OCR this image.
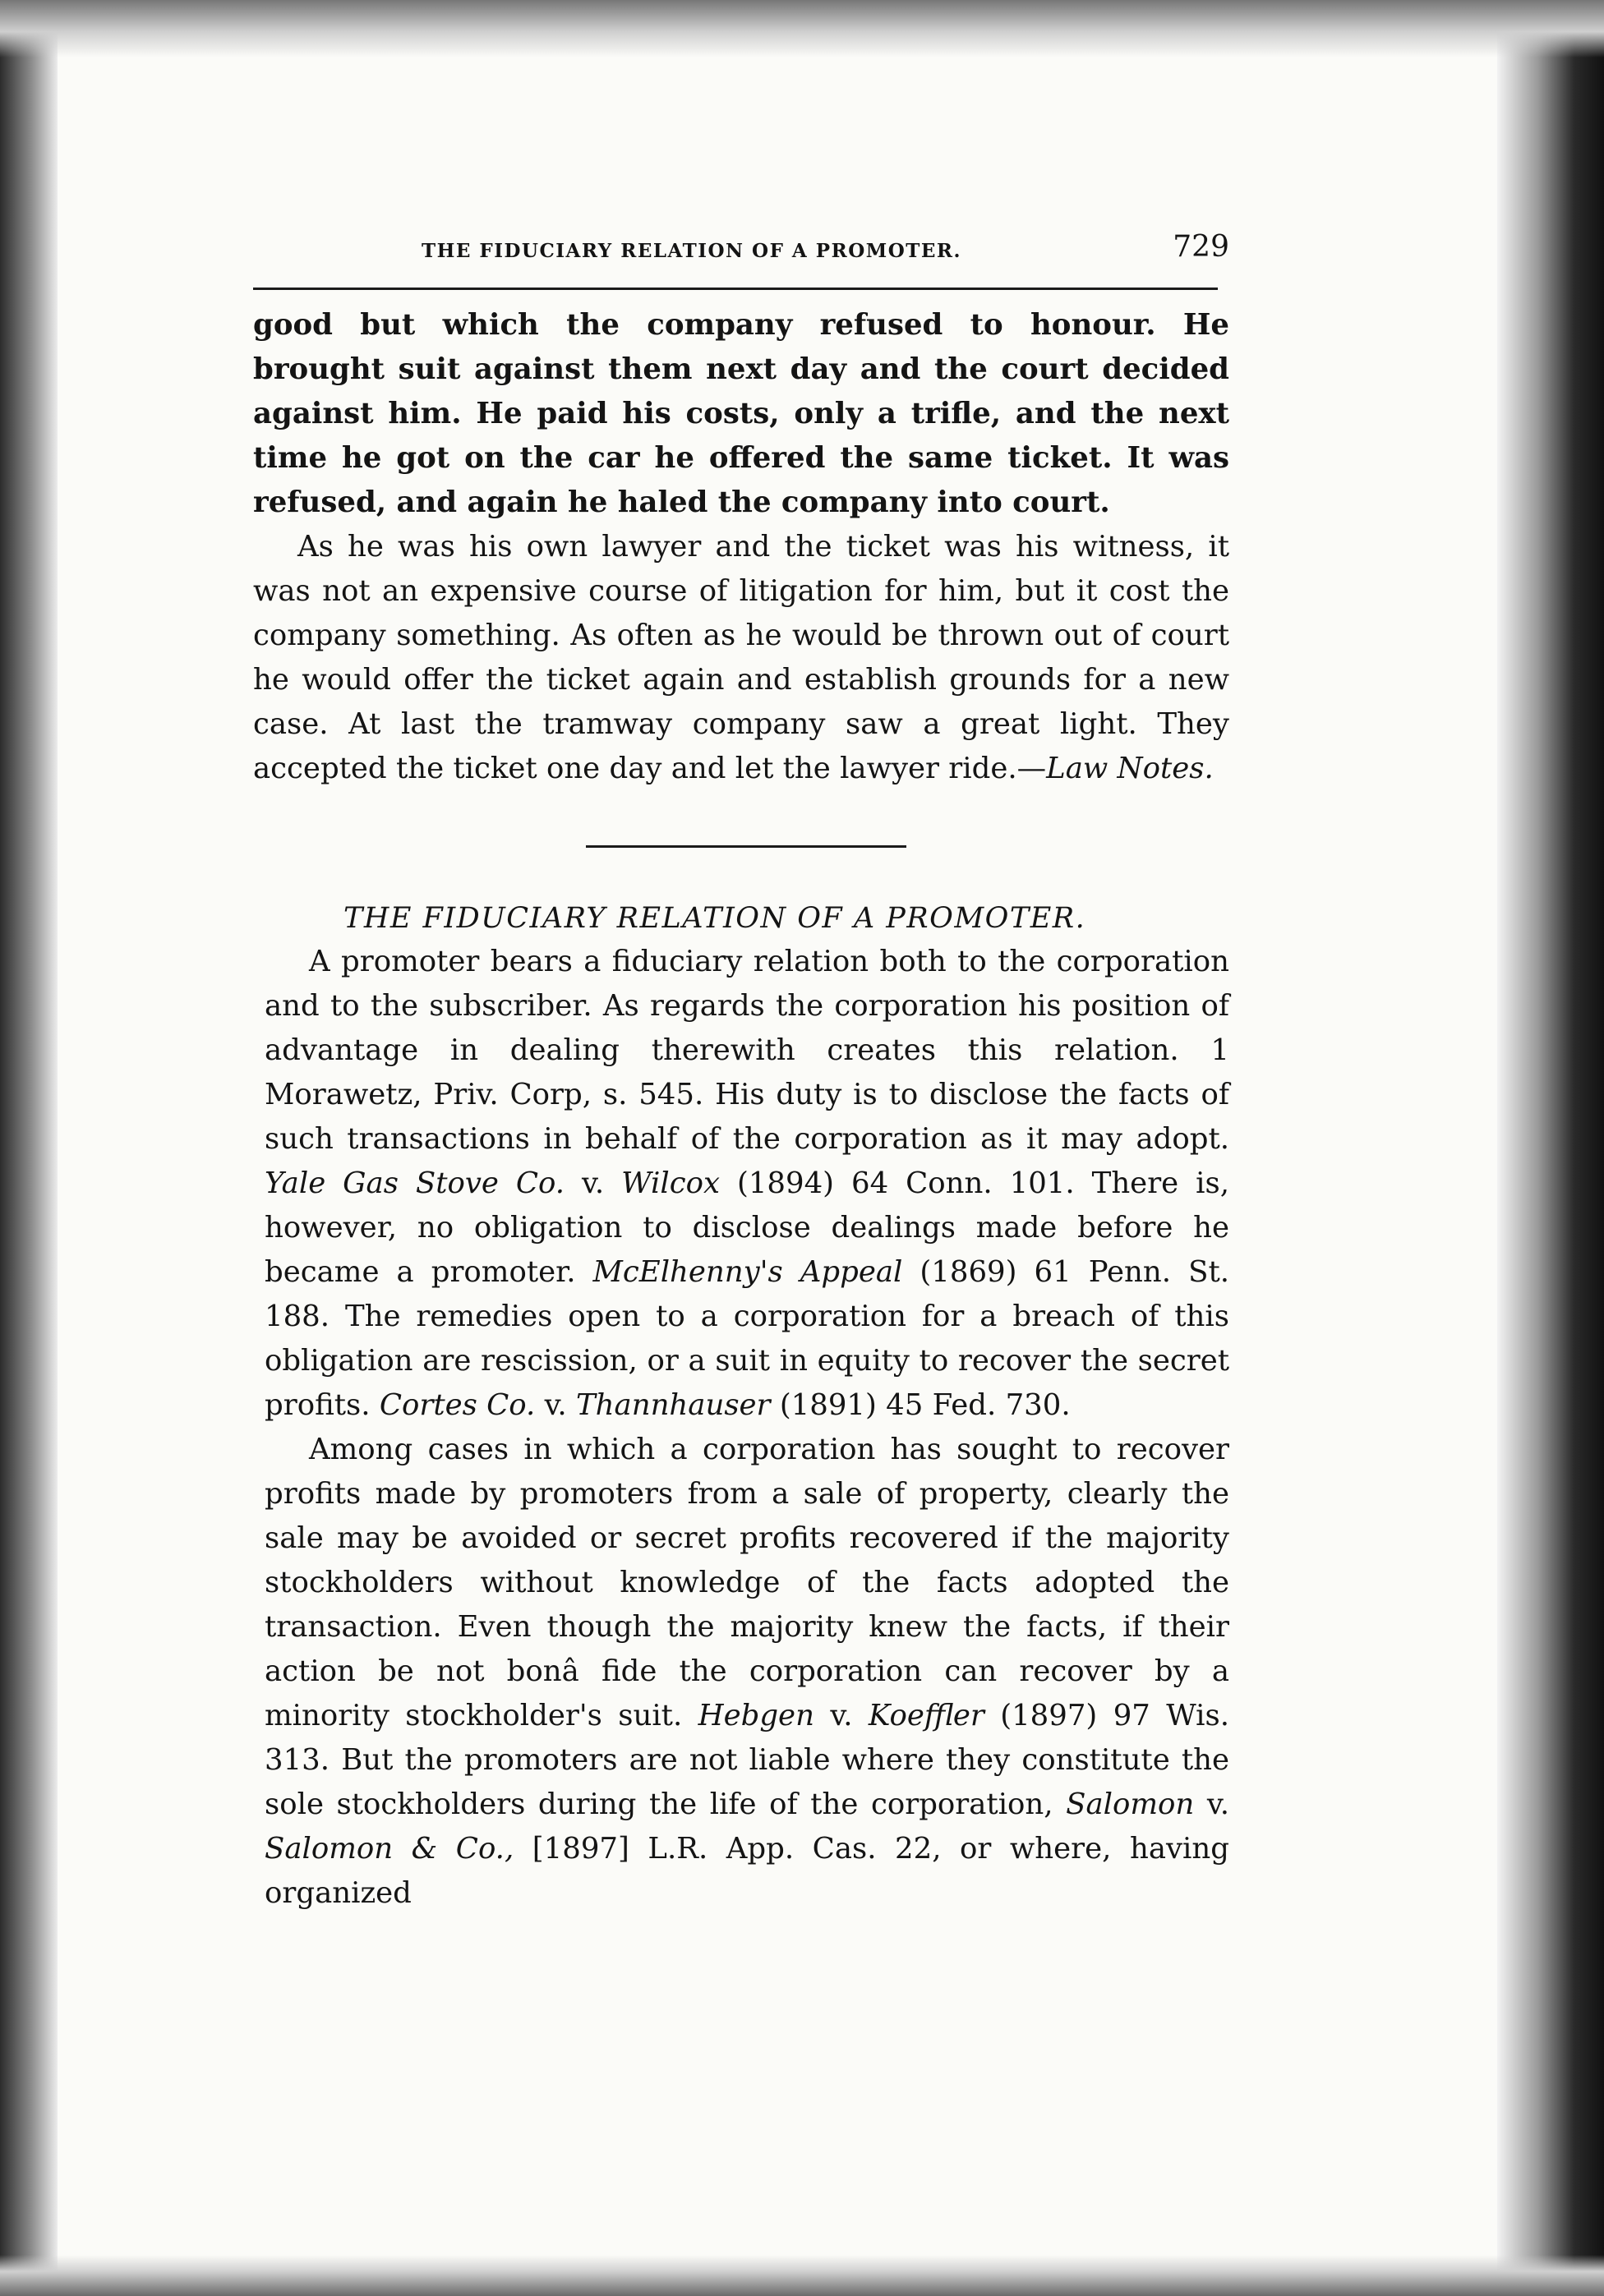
THE FIDUCIARY RELATION OF A PROMOTER.	729

good but which the company refused to honour. He brought suit against them next day and the court decided against him. He paid his costs, only a trifle, and the next time he got on the car he offered the same ticket. It was refused, and again he haled the company into court.

As he was his own lawyer and the ticket was his witness, it was not an expensive course of litigation for him, but it cost the company something. As often as he would be thrown out of court he would offer the ticket again and establish grounds for a new case. At last the tramway company saw a great light. They accepted the ticket one day and let the lawyer ride.—Law Notes.

THE FIDUCIARY RELATION OF A PROMOTER.

A promoter bears a fiduciary relation both to the corporation and to the subscriber. As regards the corporation his position of advantage in dealing therewith creates this relation. 1 Morawetz, Priv. Corp, s. 545. His duty is to disclose the facts of such transactions in behalf of the corporation as it may adopt. Yale Gas Stove Co. v. Wilcox (1894) 64 Conn. 101. There is, however, no obligation to disclose dealings made before he became a promoter. McElhenny's Appeal (1869) 61 Penn. St. 188. The remedies open to a corporation for a breach of this obligation are rescission, or a suit in equity to recover the secret profits. Cortes Co. v. Thannhauser (1891) 45 Fed. 730.

Among cases in which a corporation has sought to recover profits made by promoters from a sale of property, clearly the sale may be avoided or secret profits recovered if the majority stockholders without knowledge of the facts adopted the transaction. Even though the majority knew the facts, if their action be not bonâ fide the corporation can recover by a minority stockholder's suit. Hebgen v. Koeffler (1897) 97 Wis. 313. But the promoters are not liable where they constitute the sole stockholders during the life of the corporation, Salomon v. Salomon & Co., [1897] L.R. App. Cas. 22, or where, having organized
